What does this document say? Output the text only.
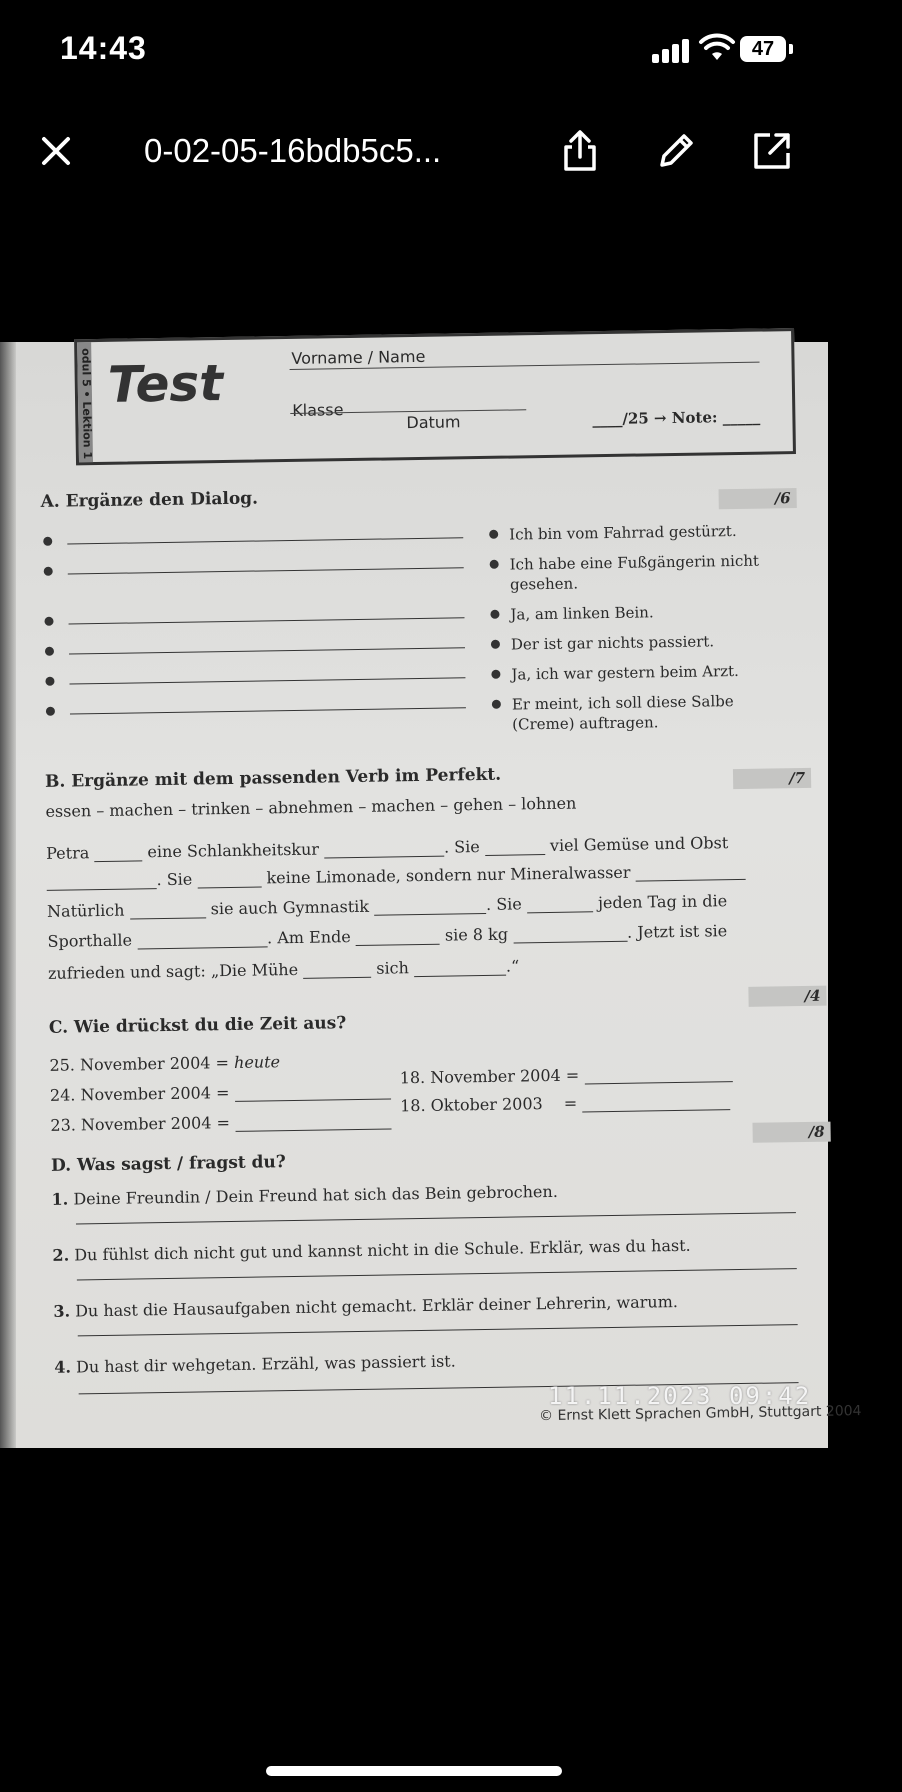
14:43	47
0-02-05-16bdb5c5...
odul 5 • Lektion 1 Test	Vorname / Name
Klasse
Datum	____/25 → Note: _____
A. Ergänze den Dialog.	/6
Ich bin vom Fahrrad gestürzt.
Ich habe eine Fußgängerin nicht gesehen.
Ja, am linken Bein.
Der ist gar nichts passiert.
Ja, ich war gestern beim Arzt.
Er meint, ich soll diese Salbe (Creme) auftragen.
B. Ergänze mit dem passenden Verb im Perfekt.	/7
essen – machen – trinken – abnehmen – machen – gehen – lohnen
Petra	eine Schlankheitskur	. Sie	viel Gemüse und Obst
. Sie	keine Limonade, sondern nur Mineralwasser
Natürlich	sie auch Gymnastik	. Sie	jeden Tag in die
Sporthalle	. Am Ende	sie 8 kg	. Jetzt ist sie
zufrieden und sagt: „Die Mühe	sich	.“
/4
C. Wie drückst du die Zeit aus?
25. November 2004 = heute
24. November 2004 =
23. November 2004 =
18. November 2004 =
18. Oktober 2003 =
/8
D. Was sagst / fragst du?
1. Deine Freundin / Dein Freund hat sich das Bein gebrochen.
2. Du fühlst dich nicht gut und kannst nicht in die Schule. Erklär, was du hast.
3. Du hast die Hausaufgaben nicht gemacht. Erklär deiner Lehrerin, warum.
4. Du hast dir wehgetan. Erzähl, was passiert ist.
© Ernst Klett Sprachen GmbH, Stuttgart 2004
11.11.2023 09:42
